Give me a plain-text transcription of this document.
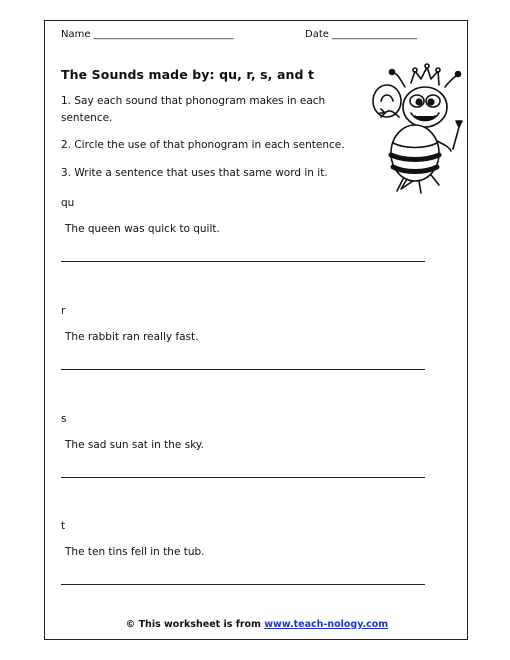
Name ____________________________	Date _________________
The Sounds made by: qu, r, s, and t
1. Say each sound that phonogram makes in each sentence.
2. Circle the use of that phonogram in each sentence.
3. Write a sentence that uses that same word in it.
qu
The queen was quick to quilt.
r
The rabbit ran really fast.
s
The sad sun sat in the sky.
t
The ten tins fell in the tub.
© This worksheet is from www.teach-nology.com
